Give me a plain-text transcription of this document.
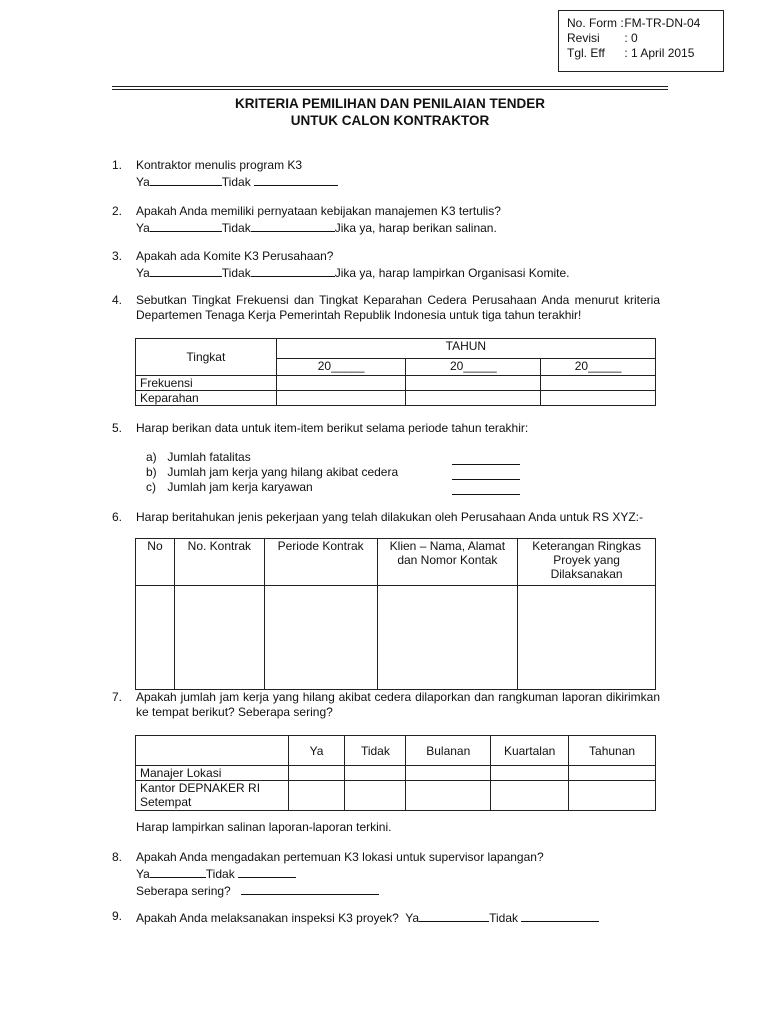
No. Form : FM-TR-DN-04
Revisi : 0
Tgl. Eff : 1 April 2015
KRITERIA PEMILIHAN DAN PENILAIAN TENDER
UNTUK CALON KONTRAKTOR
1. Kontraktor menulis program K3
Ya	Tidak
2. Apakah Anda memiliki pernyataan kebijakan manajemen K3 tertulis?
Ya	Tidak	Jika ya, harap berikan salinan.
3. Apakah ada Komite K3 Perusahaan?
Ya	Tidak	Jika ya, harap lampirkan Organisasi Komite.
4. Sebutkan Tingkat Frekuensi dan Tingkat Keparahan Cedera Perusahaan Anda menurut kriteria Departemen Tenaga Kerja Pemerintah Republik Indonesia untuk tiga tahun terakhir!
Tingkat	TAHUN		
	20_____	20_____	20_____
Frekuensi			
Keparahan			
5. Harap berikan data untuk item-item berikut selama periode tahun terakhir:
a) Jumlah fatalitas
b) Jumlah jam kerja yang hilang akibat cedera
c) Jumlah jam kerja karyawan
6. Harap beritahukan jenis pekerjaan yang telah dilakukan oleh Perusahaan Anda untuk RS XYZ:-
No	No. Kontrak	Periode Kontrak	Klien – Nama, Alamat dan Nomor Kontak	Keterangan Ringkas Proyek yang Dilaksanakan

7. Apakah jumlah jam kerja yang hilang akibat cedera dilaporkan dan rangkuman laporan dikirimkan ke tempat berikut? Seberapa sering?
	Ya	Tidak	Bulanan	Kuartalan	Tahunan
Manajer Lokasi					

Kantor DEPNAKER RI
Setempat					

Harap lampirkan salinan laporan-laporan terkini.
8. Apakah Anda mengadakan pertemuan K3 lokasi untuk supervisor lapangan?
Ya	Tidak
Seberapa sering?
9. Apakah Anda melaksanakan inspeksi K3 proyek? Ya	Tidak
